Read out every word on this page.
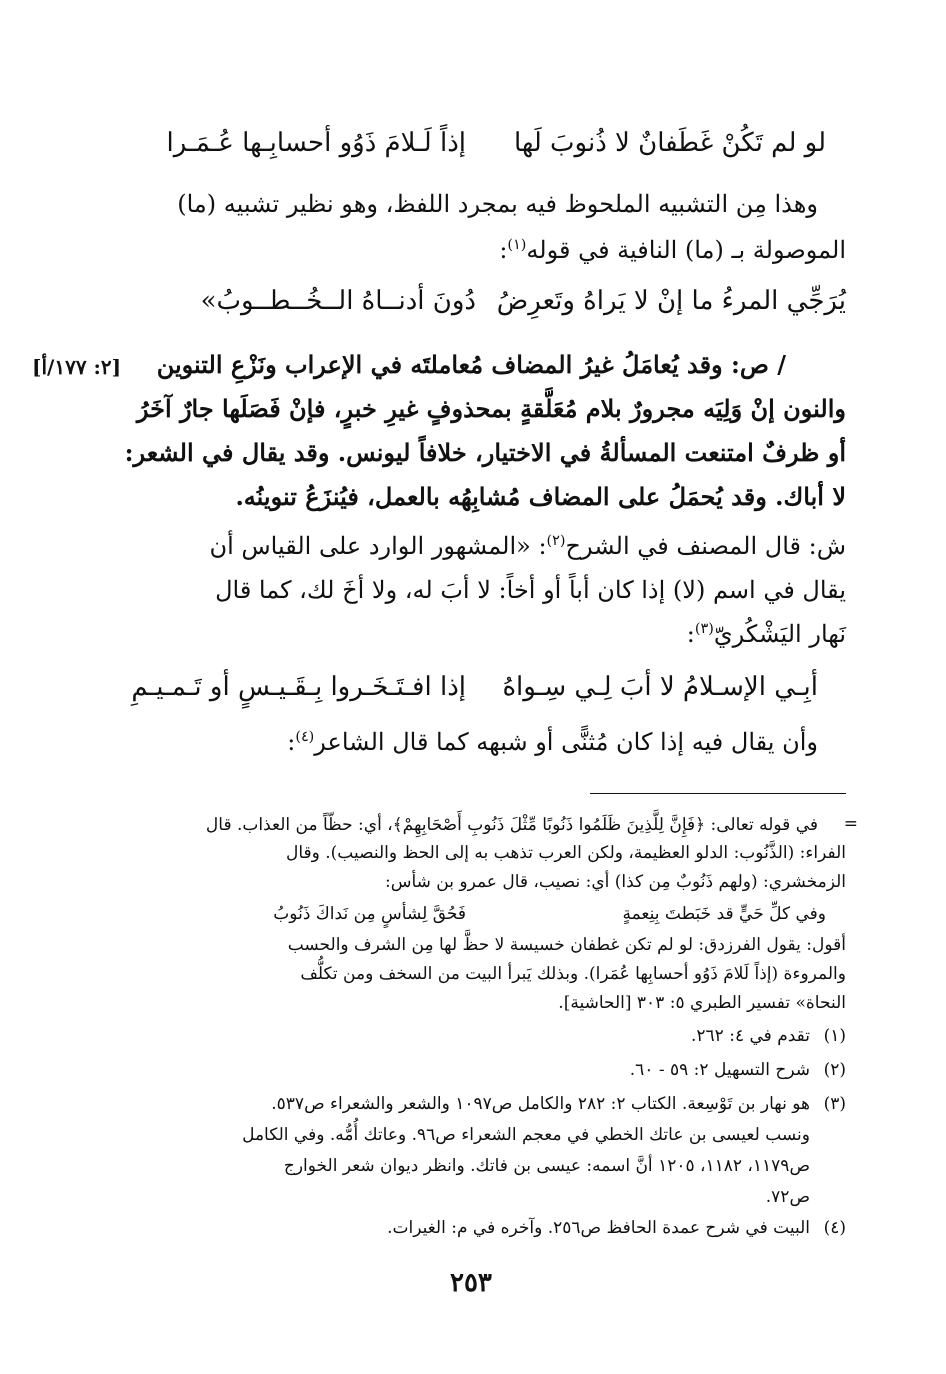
لو لم تَكُنْ غَطَفانٌ لا ذُنوبَ لَها
إذاً لَـلامَ ذَوُو أحسابِـها عُـمَـرا
وهذا مِن التشبيه الملحوظ فيه بمجرد اللفظ، وهو نظير تشبيه (ما)
الموصولة بـ (ما) النافية في قوله$^{(١)}$:
يُرَجِّي المرءُ ما إنْ لا يَراهُ وتَعرِضُ
دُونَ أدنــاهُ الــخُــطــوبُ»
[٢: ١٧٧/أ] / ص: وقد يُعامَلُ غيرُ المضاف مُعاملتَه في الإعراب ونَزْعِ التنوين
والنون إنْ وَلِيَه مجرورٌ بلام مُعَلَّقةٍ بمحذوفٍ غيرِ خبرٍ، فإنْ فَصَلَها جارٌ آخَرُ
أو ظرفٌ امتنعت المسألةُ في الاختيار، خلافاً ليونس. وقد يقال في الشعر:
لا أباك. وقد يُحمَلُ على المضاف مُشابِهُه بالعمل، فيُنزَعُ تنوينُه.
ش: قال المصنف في الشرح$^{(٢)}$: «المشهور الوارد على القياس أن
يقال في اسم (لا) إذا كان أباً أو أخاً: لا أبَ له، ولا أخَ لك، كما قال
نَهار اليَشْكُريّ$^{(٣)}$:
أبِـي الإسـلامُ لا أبَ لِـي سِـواهُ
إذا افـتَـخَـروا بِـقَـيـسٍ أو تَـمـيـمِ
وأن يقال فيه إذا كان مُثنًّى أو شبهه كما قال الشاعر$^{(٤)}$:
=
في قوله تعالى: ﴿فَإِنَّ لِلَّذِينَ ظَلَمُوا ذَنُوبًا مِّثْلَ ذَنُوبِ أَصْحَابِهِمْ﴾، أي: حظّاً من العذاب. قال
الفراء: (الذَّنُوب: الدلو العظيمة، ولكن العرب تذهب به إلى الحظ والنصيب). وقال
الزمخشري: (ولهم ذَنُوبٌ مِن كذا) أي: نصيب، قال عمرو بن شأس:
وفي كلِّ حَيٍّ قد خَبَطتَ بِنِعمةٍ
فَحُقَّ لِشأسٍ مِن نَداكَ ذَنُوبُ
أقول: يقول الفرزدق: لو لم تكن غطفان خسيسة لا حظَّ لها مِن الشرف والحسب
والمروءة (إذاً لَلامَ ذَوُو أحسابِها عُمَرا). وبذلك يَبرأ البيت من السخف ومن تكلُّف
النحاة» تفسير الطبري ٥: ٣٠٣ [الحاشية].
(١)
تقدم في ٤: ٢٦٢.
(٢)
شرح التسهيل ٢: ٥٩ - ٦٠.
(٣)
هو نهار بن تَوْسِعة. الكتاب ٢: ٢٨٢ والكامل ص١٠٩٧ والشعر والشعراء ص٥٣٧.
ونسب لعيسى بن عاتك الخطي في معجم الشعراء ص٩٦. وعاتك أُمُّه. وفي الكامل
ص١١٧٩، ١١٨٢، ١٢٠٥ أنَّ اسمه: عيسى بن فاتك. وانظر ديوان شعر الخوارج
ص٧٢.
(٤)
البيت في شرح عمدة الحافظ ص٢٥٦. وآخره في م: الغيرات.
٢٥٣
